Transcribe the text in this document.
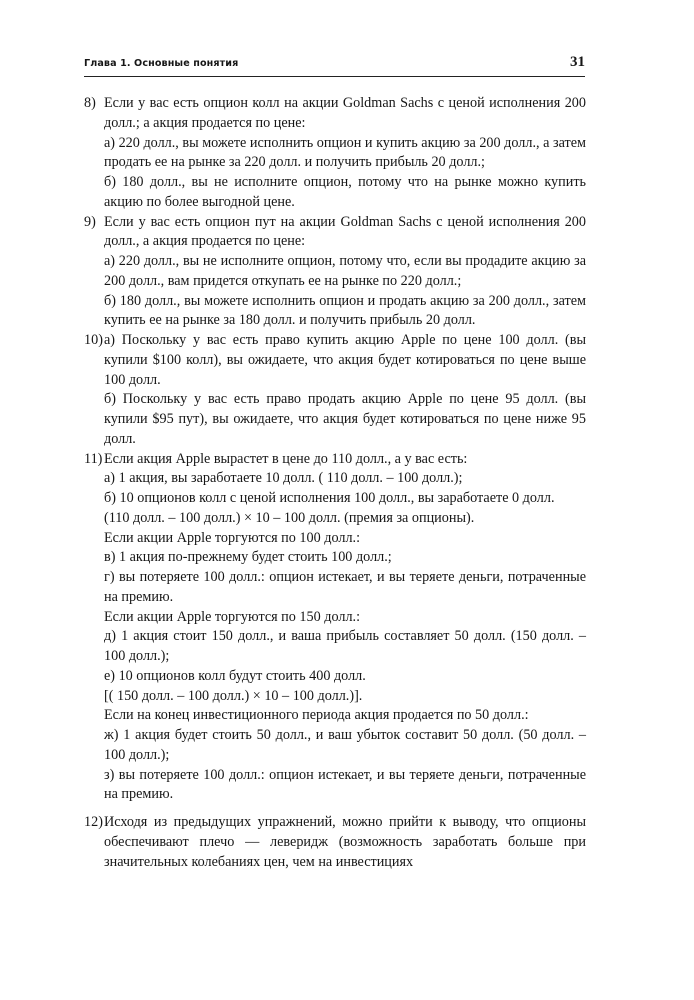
Глава 1. Основные понятия	31
8) Если у вас есть опцион колл на акции Goldman Sachs с ценой исполнения 200 долл.; а акция продается по цене:

а) 220 долл., вы можете исполнить опцион и купить акцию за 200 долл., а затем продать ее на рынке за 220 долл. и получить прибыль 20 долл.;

б) 180 долл., вы не исполните опцион, потому что на рынке можно купить акцию по более выгодной цене.

9) Если у вас есть опцион пут на акции Goldman Sachs с ценой исполнения 200 долл., а акция продается по цене:

а) 220 долл., вы не исполните опцион, потому что, если вы продадите акцию за 200 долл., вам придется откупать ее на рынке по 220 долл.;

б) 180 долл., вы можете исполнить опцион и продать акцию за 200 долл., затем купить ее на рынке за 180 долл. и получить прибыль 20 долл.

10) а) Поскольку у вас есть право купить акцию Apple по цене 100 долл. (вы купили $100 колл), вы ожидаете, что акция будет котироваться по цене выше 100 долл.

б) Поскольку у вас есть право продать акцию Apple по цене 95 долл. (вы купили $95 пут), вы ожидаете, что акция будет котироваться по цене ниже 95 долл.

11) Если акция Apple вырастет в цене до 110 долл., а у вас есть:

а) 1 акция, вы заработаете 10 долл. ( 110 долл. – 100 долл.);

б) 10 опционов колл с ценой исполнения 100 долл., вы заработаете 0 долл.

(110 долл. – 100 долл.) × 10 – 100 долл. (премия за опционы).

Если акции Apple торгуются по 100 долл.:

в) 1 акция по-прежнему будет стоить 100 долл.;

г) вы потеряете 100 долл.: опцион истекает, и вы теряете деньги, потраченные на премию.

Если акции Apple торгуются по 150 долл.:

д) 1 акция стоит 150 долл., и ваша прибыль составляет 50 долл. (150 долл. – 100 долл.);

е) 10 опционов колл будут стоить 400 долл.

[( 150 долл. – 100 долл.) × 10 – 100 долл.)].

Если на конец инвестиционного периода акция продается по 50 долл.:

ж) 1 акция будет стоить 50 долл., и ваш убыток составит 50 долл. (50 долл. – 100 долл.);

з) вы потеряете 100 долл.: опцион истекает, и вы теряете деньги, потраченные на премию.

12) Исходя из предыдущих упражнений, можно прийти к выводу, что опционы обеспечивают плечо — леверидж (возможность заработать больше при значительных колебаниях цен, чем на инвестициях
